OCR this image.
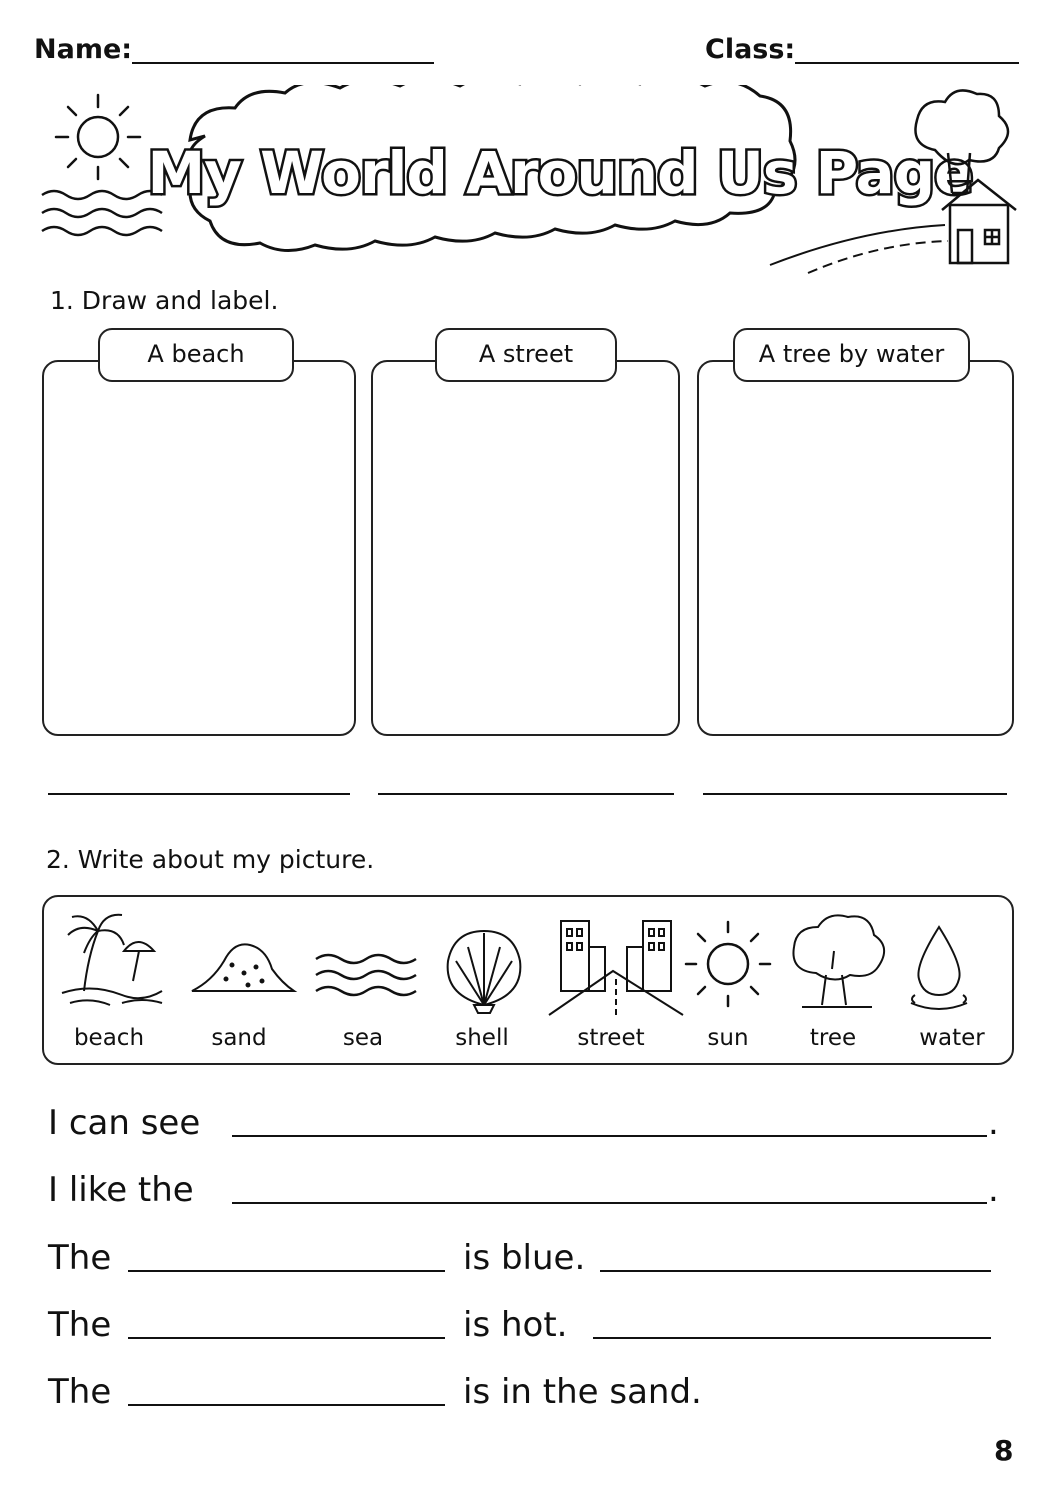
Name:	Class:
My World Around Us Page
1. Draw and label.
A beach	A street	A tree by water
2. Write about my picture.
beach	sand	sea	shell	street	sun	tree	water
I can see	.
I like the	.
The	is blue.
The	is hot.
The	is in the sand.
8
